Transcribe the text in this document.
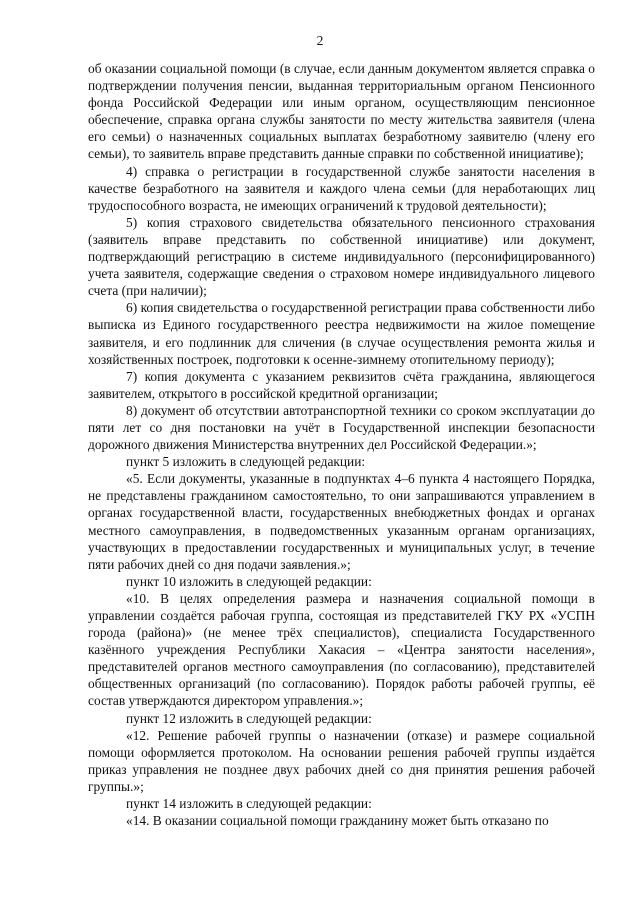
2

об оказании социальной помощи (в случае, если данным документом является справка о подтверждении получения пенсии, выданная территориальным органом Пенсионного фонда Российской Федерации или иным органом, осуществляющим пенсионное обеспечение, справка органа службы занятости по месту жительства заявителя (члена его семьи) о назначенных социальных выплатах безработному заявителю (члену его семьи), то заявитель вправе представить данные справки по собственной инициативе);

4) справка о регистрации в государственной службе занятости населения в качестве безработного на заявителя и каждого члена семьи (для неработающих лиц трудоспособного возраста, не имеющих ограничений к трудовой деятельности);

5) копия страхового свидетельства обязательного пенсионного страхования (заявитель вправе представить по собственной инициативе) или документ, подтверждающий регистрацию в системе индивидуального (персонифицированного) учета заявителя, содержащие сведения о страховом номере индивидуального лицевого счета (при наличии);

6) копия свидетельства о государственной регистрации права собственности либо выписка из Единого государственного реестра недвижимости на жилое помещение заявителя, и его подлинник для сличения (в случае осуществления ремонта жилья и хозяйственных построек, подготовки к осенне-зимнему отопительному периоду);

7) копия документа с указанием реквизитов счёта гражданина, являющегося заявителем, открытого в российской кредитной организации;

8) документ об отсутствии автотранспортной техники со сроком эксплуатации до пяти лет со дня постановки на учёт в Государственной инспекции безопасности дорожного движения Министерства внутренних дел Российской Федерации.»;

пункт 5 изложить в следующей редакции:

«5. Если документы, указанные в подпунктах 4–6 пункта 4 настоящего Порядка, не представлены гражданином самостоятельно, то они запрашиваются управлением в органах государственной власти, государственных внебюджетных фондах и органах местного самоуправления, в подведомственных указанным органам организациях, участвующих в предоставлении государственных и муниципальных услуг, в течение пяти рабочих дней со дня подачи заявления.»;

пункт 10 изложить в следующей редакции:

«10. В целях определения размера и назначения социальной помощи в управлении создаётся рабочая группа, состоящая из представителей ГКУ РХ «УСПН города (района)» (не менее трёх специалистов), специалиста Государственного казённого учреждения Республики Хакасия – «Центра занятости населения», представителей органов местного самоуправления (по согласованию), представителей общественных организаций (по согласованию). Порядок работы рабочей группы, её состав утверждаются директором управления.»;

пункт 12 изложить в следующей редакции:

«12. Решение рабочей группы о назначении (отказе) и размере социальной помощи оформляется протоколом. На основании решения рабочей группы издаётся приказ управления не позднее двух рабочих дней со дня принятия решения рабочей группы.»;

пункт 14 изложить в следующей редакции:

«14. В оказании социальной помощи гражданину может быть отказано по
